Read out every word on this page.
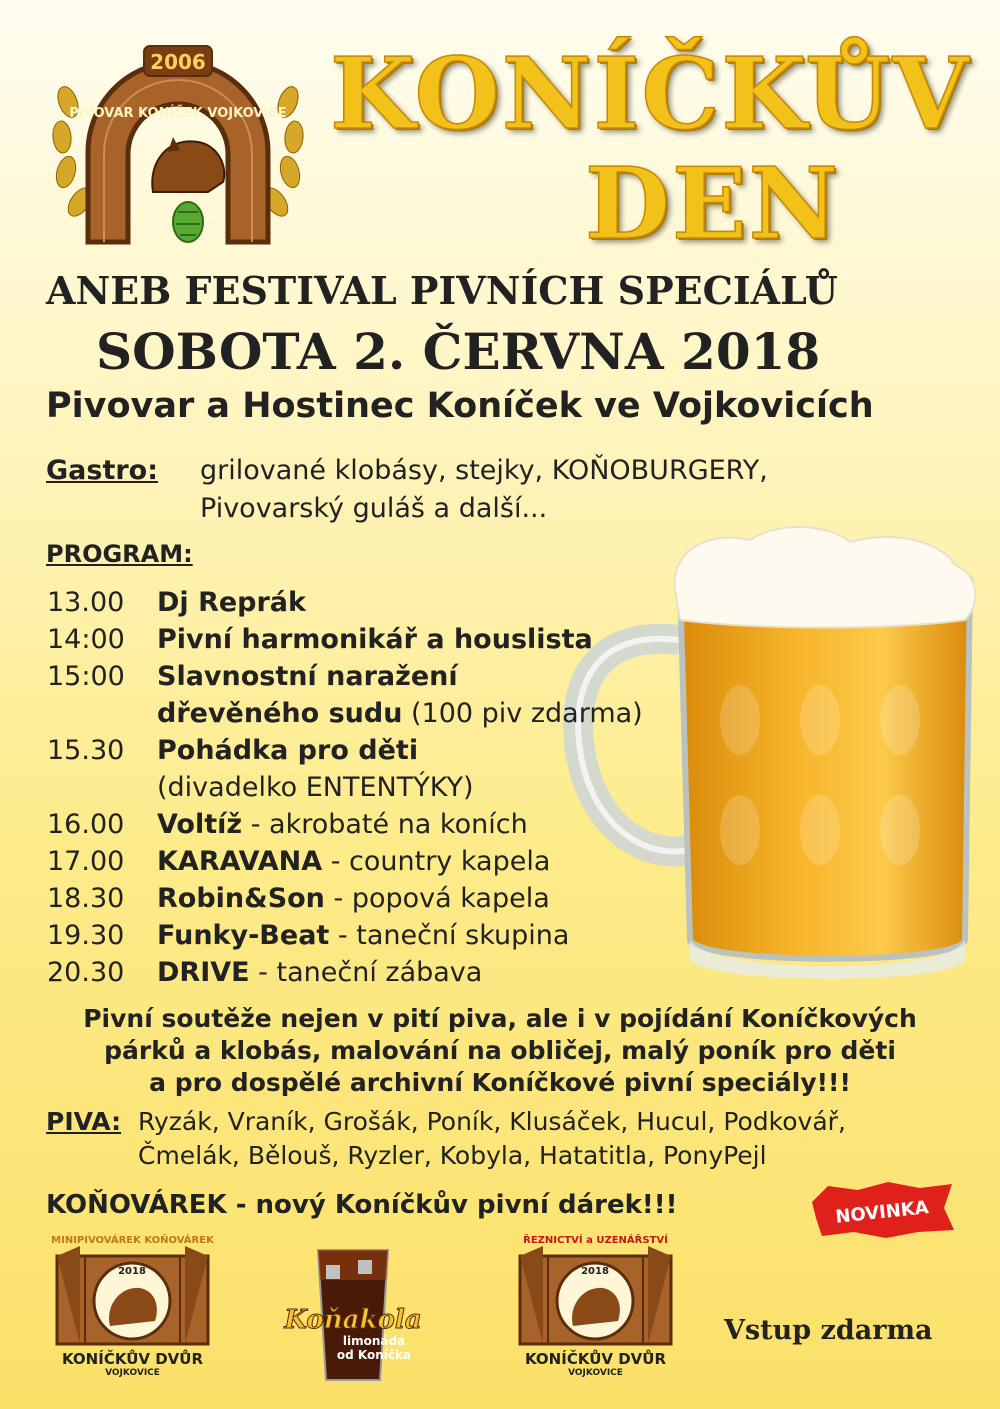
2006
PIVOVAR KONÍČEK VOJKOVICE KONÍČKŮV
DEN
ANEB FESTIVAL PIVNÍCH SPECIÁLŮ
SOBOTA 2. ČERVNA 2018
Pivovar a Hostinec Koníček ve Vojkovicích
Gastro: grilované klobásy, stejky, KOŇOBURGERY,
Pivovarský guláš a další...
PROGRAM:
13.00 Dj Reprák
14:00 Pivní harmonikář a houslista
15:00 Slavnostní naražení
dřevěného sudu (100 piv zdarma)
15.30 Pohádka pro děti
(divadelko ENTENTÝKY)
16.00 Voltíž - akrobaté na koních
17.00 KARAVANA - country kapela
18.30 Robin&Son - popová kapela
19.30 Funky-Beat - taneční skupina
20.30 DRIVE - taneční zábava
Pivní soutěže nejen v pití piva, ale i v pojídání Koníčkových
párků a klobás, malování na obličej, malý poník pro děti
a pro dospělé archivní Koníčkové pivní speciály!!!
PIVA: Ryzák, Vraník, Grošák, Poník, Klusáček, Hucul, Podkovář,
Čmelák, Bělouš, Ryzler, Kobyla, Hatatitla, PonyPejl
KOŇOVÁREK - nový Koníčkův pivní dárek!!!	NOVINKA
MINIPIVOVÁREK KOŇOVÁREK
2018
KONÍČKŮV DVŮR
VOJKOVICE
Koňakola
limonáda
od Koníčka
ŘEZNICTVÍ a UZENÁŘSTVÍ
2018
KONÍČKŮV DVŮR
VOJKOVICE
Vstup zdarma
